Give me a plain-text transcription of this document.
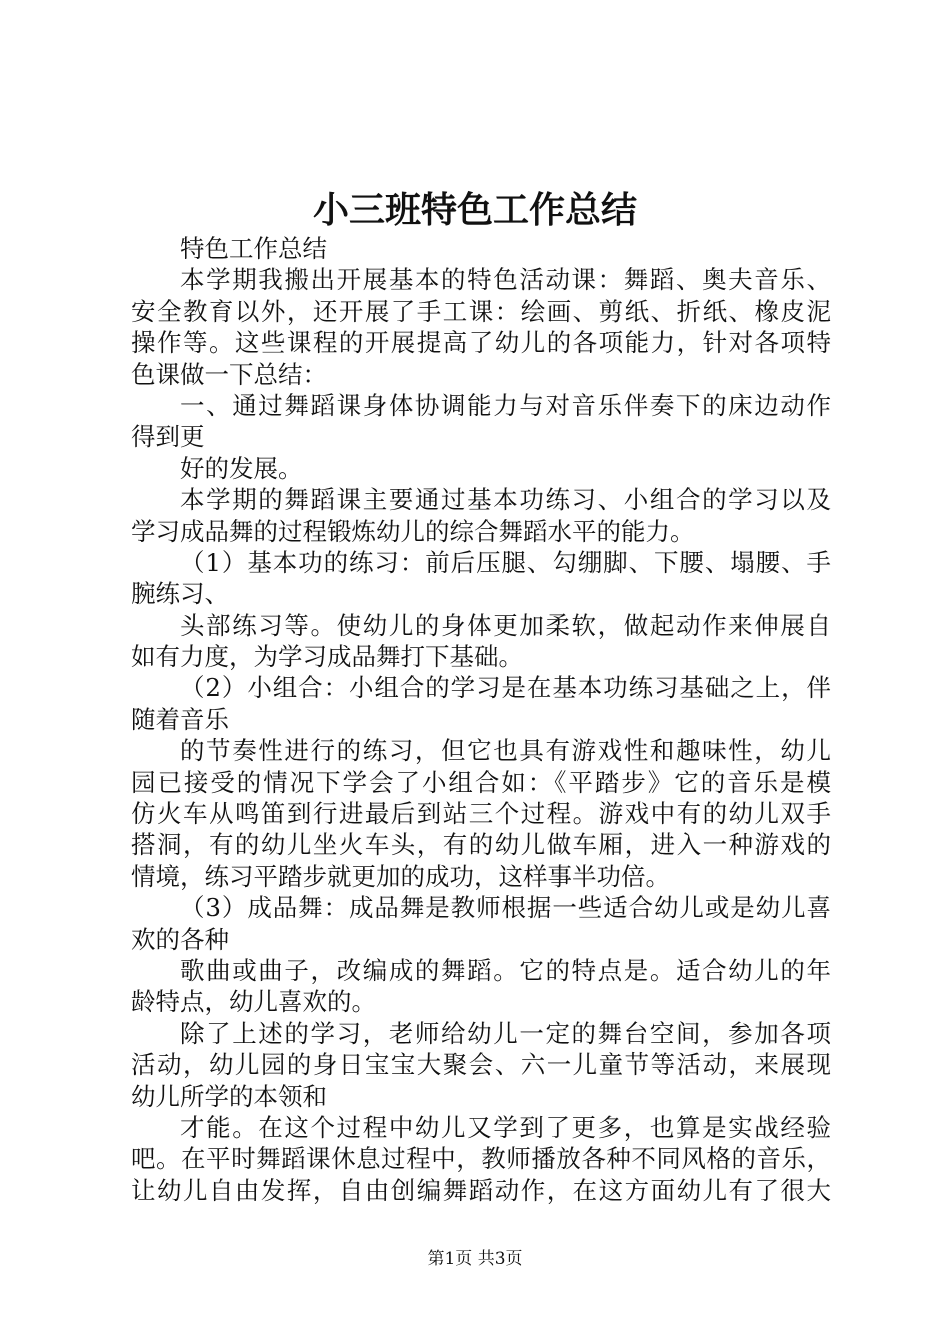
小三班特色工作总结
特色工作总结
本学期我搬出开展基本的特色活动课：舞蹈、奥夫音乐、
安全教育以外，还开展了手工课：绘画、剪纸、折纸、橡皮泥
操作等。这些课程的开展提高了幼儿的各项能力，针对各项特
色课做一下总结：
一、通过舞蹈课身体协调能力与对音乐伴奏下的床边动作
得到更
好的发展。
本学期的舞蹈课主要通过基本功练习、小组合的学习以及
学习成品舞的过程锻炼幼儿的综合舞蹈水平的能力。
（1）基本功的练习：前后压腿、勾绷脚、下腰、塌腰、手
腕练习、
头部练习等。使幼儿的身体更加柔软，做起动作来伸展自
如有力度，为学习成品舞打下基础。
（2）小组合：小组合的学习是在基本功练习基础之上，伴
随着音乐
的节奏性进行的练习，但它也具有游戏性和趣味性，幼儿
园已接受的情况下学会了小组合如：《平踏步》它的音乐是模
仿火车从鸣笛到行进最后到站三个过程。游戏中有的幼儿双手
搭洞，有的幼儿坐火车头，有的幼儿做车厢，进入一种游戏的
情境，练习平踏步就更加的成功，这样事半功倍。
（3）成品舞：成品舞是教师根据一些适合幼儿或是幼儿喜
欢的各种
歌曲或曲子，改编成的舞蹈。它的特点是。适合幼儿的年
龄特点，幼儿喜欢的。
除了上述的学习，老师给幼儿一定的舞台空间，参加各项
活动，幼儿园的身日宝宝大聚会、六一儿童节等活动，来展现
幼儿所学的本领和
才能。在这个过程中幼儿又学到了更多，也算是实战经验
吧。在平时舞蹈课休息过程中，教师播放各种不同风格的音乐，
让幼儿自由发挥，自由创编舞蹈动作，在这方面幼儿有了很大
第1页 共3页
